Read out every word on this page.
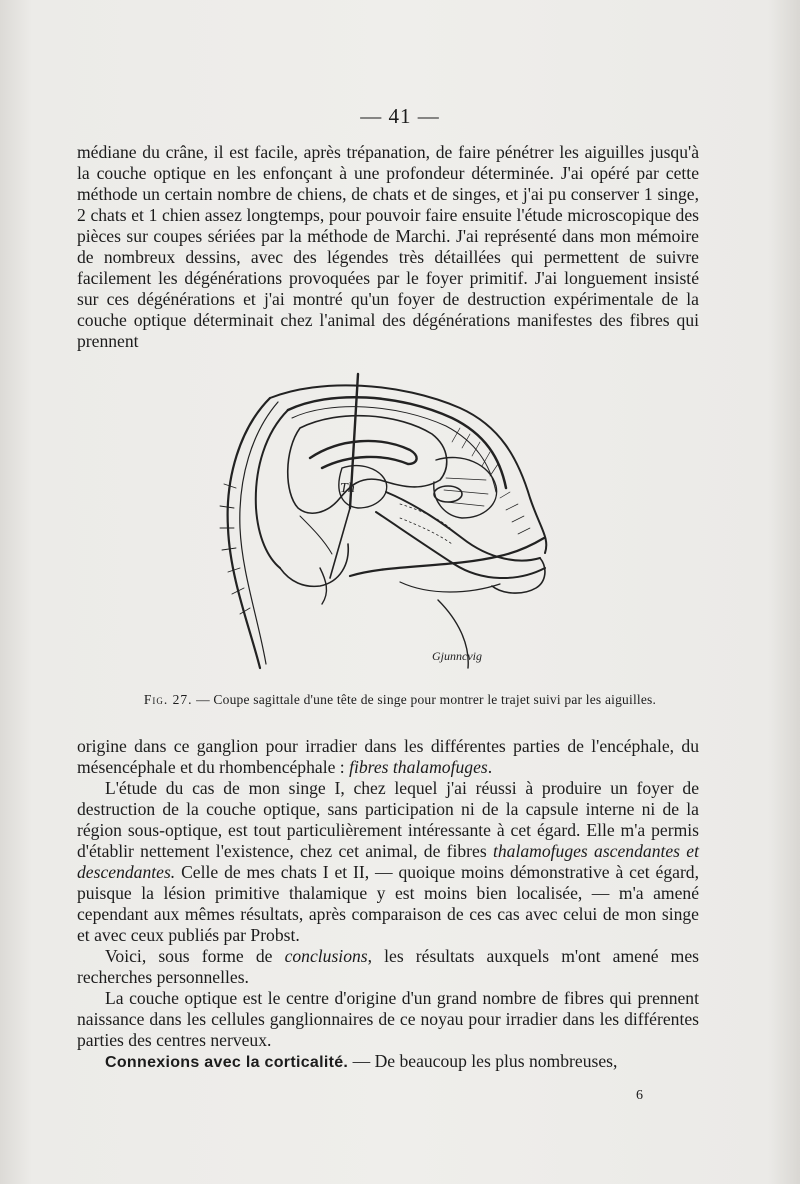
— 41 —

médiane du crâne, il est facile, après trépanation, de faire pénétrer les aiguilles jusqu'à la couche optique en les enfonçant à une profondeur déterminée. J'ai opéré par cette méthode un certain nombre de chiens, de chats et de singes, et j'ai pu conserver 1 singe, 2 chats et 1 chien assez longtemps, pour pouvoir faire ensuite l'étude microscopique des pièces sur coupes sériées par la méthode de Marchi. J'ai représenté dans mon mémoire de nombreux dessins, avec des légendes très détaillées qui permettent de suivre facilement les dégénérations provoquées par le foyer primitif. J'ai longuement insisté sur ces dégénérations et j'ai montré qu'un foyer de destruction expérimentale de la couche optique déterminait chez l'animal des dégénérations manifestes des fibres qui prennent

Th
Gjunncvig
Fig. 27. — Coupe sagittale d'une tête de singe pour montrer le trajet suivi par les aiguilles.

origine dans ce ganglion pour irradier dans les différentes parties de l'encéphale, du mésencéphale et du rhombencéphale : fibres thalamofuges.

L'étude du cas de mon singe I, chez lequel j'ai réussi à produire un foyer de destruction de la couche optique, sans participation ni de la capsule interne ni de la région sous-optique, est tout particulièrement intéressante à cet égard. Elle m'a permis d'établir nettement l'existence, chez cet animal, de fibres thalamofuges ascendantes et descendantes. Celle de mes chats I et II, — quoique moins démonstrative à cet égard, puisque la lésion primitive thalamique y est moins bien localisée, — m'a amené cependant aux mêmes résultats, après comparaison de ces cas avec celui de mon singe et avec ceux publiés par Probst.

Voici, sous forme de conclusions, les résultats auxquels m'ont amené mes recherches personnelles.

La couche optique est le centre d'origine d'un grand nombre de fibres qui prennent naissance dans les cellules ganglionnaires de ce noyau pour irradier dans les différentes parties des centres nerveux.

Connexions avec la corticalité. — De beaucoup les plus nombreuses,

6
